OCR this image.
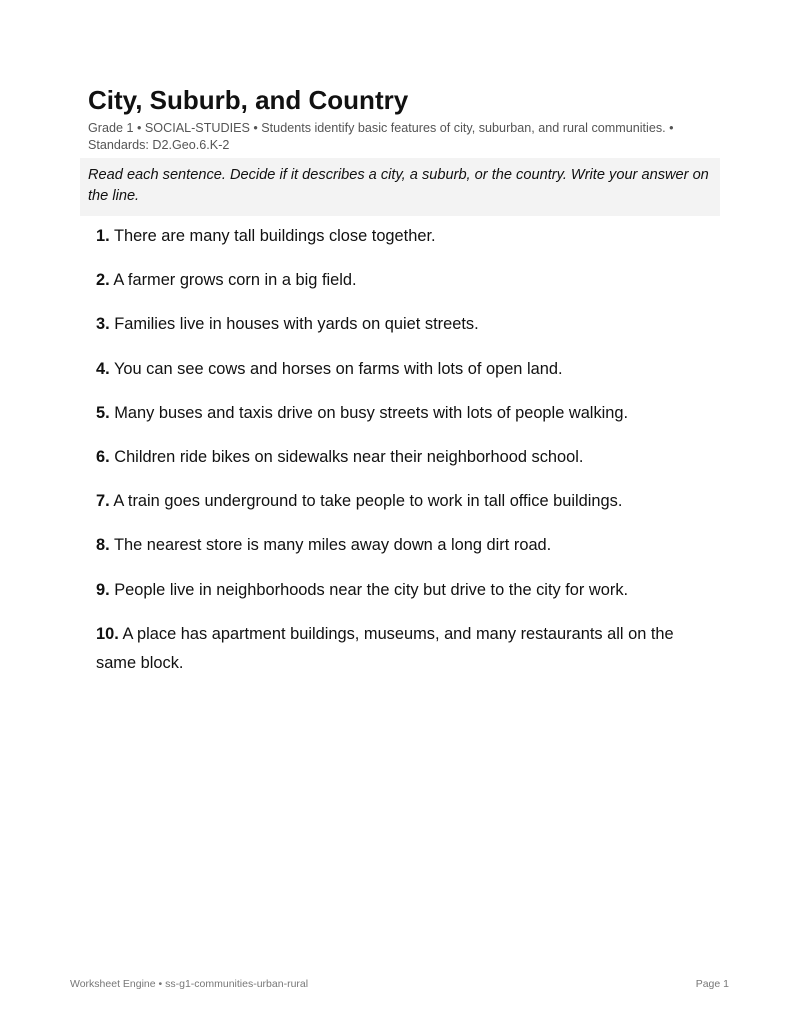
City, Suburb, and Country
Grade 1 • SOCIAL-STUDIES • Students identify basic features of city, suburban, and rural communities. • Standards: D2.Geo.6.K-2
Read each sentence. Decide if it describes a city, a suburb, or the country. Write your answer on the line.
1. There are many tall buildings close together.
2. A farmer grows corn in a big field.
3. Families live in houses with yards on quiet streets.
4. You can see cows and horses on farms with lots of open land.
5. Many buses and taxis drive on busy streets with lots of people walking.
6. Children ride bikes on sidewalks near their neighborhood school.
7. A train goes underground to take people to work in tall office buildings.
8. The nearest store is many miles away down a long dirt road.
9. People live in neighborhoods near the city but drive to the city for work.
10. A place has apartment buildings, museums, and many restaurants all on the same block.
Worksheet Engine • ss-g1-communities-urban-rural	Page 1
